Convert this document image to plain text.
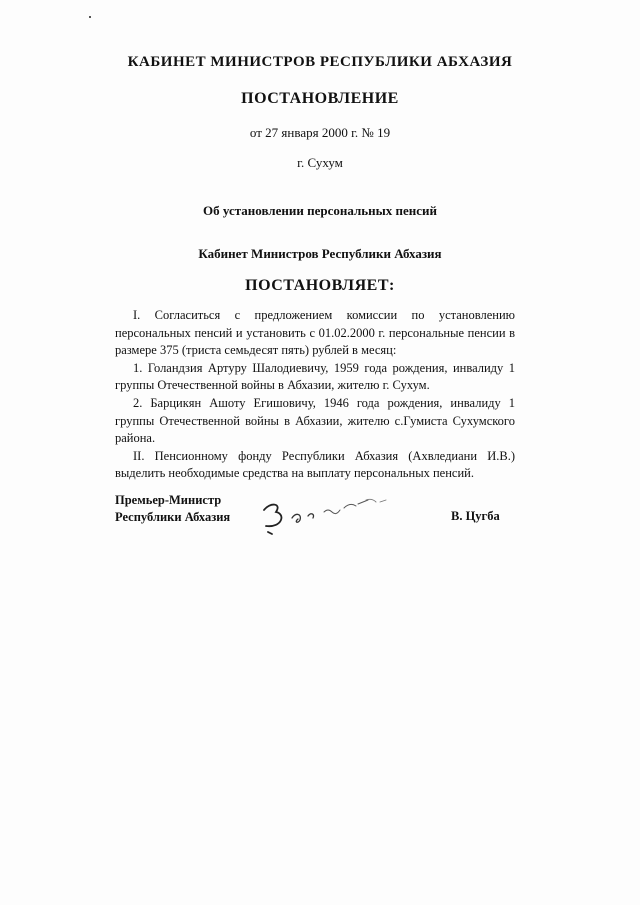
КАБИНЕТ МИНИСТРОВ РЕСПУБЛИКИ АБХАЗИЯ
ПОСТАНОВЛЕНИЕ
от 27 января 2000 г. № 19
г. Сухум
Об установлении персональных пенсий
Кабинет Министров Республики Абхазия
ПОСТАНОВЛЯЕТ:

I. Согласиться с предложением комиссии по установлению персональных пенсий и установить с 01.02.2000 г. персональные пенсии в размере 375 (триста семьдесят пять) рублей в месяц:

1. Голандзия Артуру Шалодиевичу, 1959 года рождения, инвалиду 1 группы Отечественной войны в Абхазии, жителю г. Сухум.

2. Барцикян Ашоту Егишовичу, 1946 года рождения, инвалиду 1 группы Отечественной войны в Абхазии, жителю с.Гумиста Сухумского района.

II. Пенсионному фонду Республики Абхазия (Ахвледиани И.В.) выделить необходимые средства на выплату персональных пенсий.

Премьер-Министр
Республики Абхазия	В. Цугба
